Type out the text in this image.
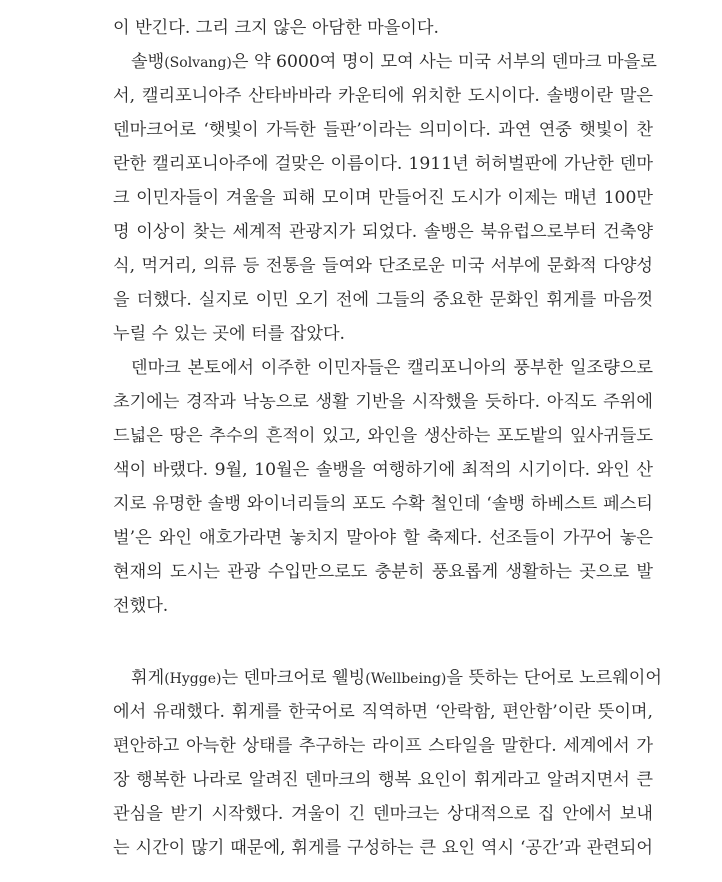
이 반긴다. 그리 크지 않은 아담한 마을이다.

솔뱅(Solvang)은 약 6000여 명이 모여 사는 미국 서부의 덴마크 마을로

서, 캘리포니아주 산타바바라 카운티에 위치한 도시이다. 솔뱅이란 말은

덴마크어로 ‘햇빛이 가득한 들판’이라는 의미이다. 과연 연중 햇빛이 찬

란한 캘리포니아주에 걸맞은 이름이다. 1911년 허허벌판에 가난한 덴마

크 이민자들이 겨울을 피해 모이며 만들어진 도시가 이제는 매년 100만

명 이상이 찾는 세계적 관광지가 되었다. 솔뱅은 북유럽으로부터 건축양

식, 먹거리, 의류 등 전통을 들여와 단조로운 미국 서부에 문화적 다양성

을 더했다. 실지로 이민 오기 전에 그들의 중요한 문화인 휘게를 마음껏

누릴 수 있는 곳에 터를 잡았다.

덴마크 본토에서 이주한 이민자들은 캘리포니아의 풍부한 일조량으로

초기에는 경작과 낙농으로 생활 기반을 시작했을 듯하다. 아직도 주위에

드넓은 땅은 추수의 흔적이 있고, 와인을 생산하는 포도밭의 잎사귀들도

색이 바랬다. 9월, 10월은 솔뱅을 여행하기에 최적의 시기이다. 와인 산

지로 유명한 솔뱅 와이너리들의 포도 수확 철인데 ‘솔뱅 하베스트 페스티

벌’은 와인 애호가라면 놓치지 말아야 할 축제다. 선조들이 가꾸어 놓은

현재의 도시는 관광 수입만으로도 충분히 풍요롭게 생활하는 곳으로 발

전했다.

휘게(Hygge)는 덴마크어로 웰빙(Wellbeing)을 뜻하는 단어로 노르웨이어

에서 유래했다. 휘게를 한국어로 직역하면 ‘안락함, 편안함’이란 뜻이며,

편안하고 아늑한 상태를 추구하는 라이프 스타일을 말한다. 세계에서 가

장 행복한 나라로 알려진 덴마크의 행복 요인이 휘게라고 알려지면서 큰

관심을 받기 시작했다. 겨울이 긴 덴마크는 상대적으로 집 안에서 보내

는 시간이 많기 때문에, 휘게를 구성하는 큰 요인 역시 ‘공간’과 관련되어
